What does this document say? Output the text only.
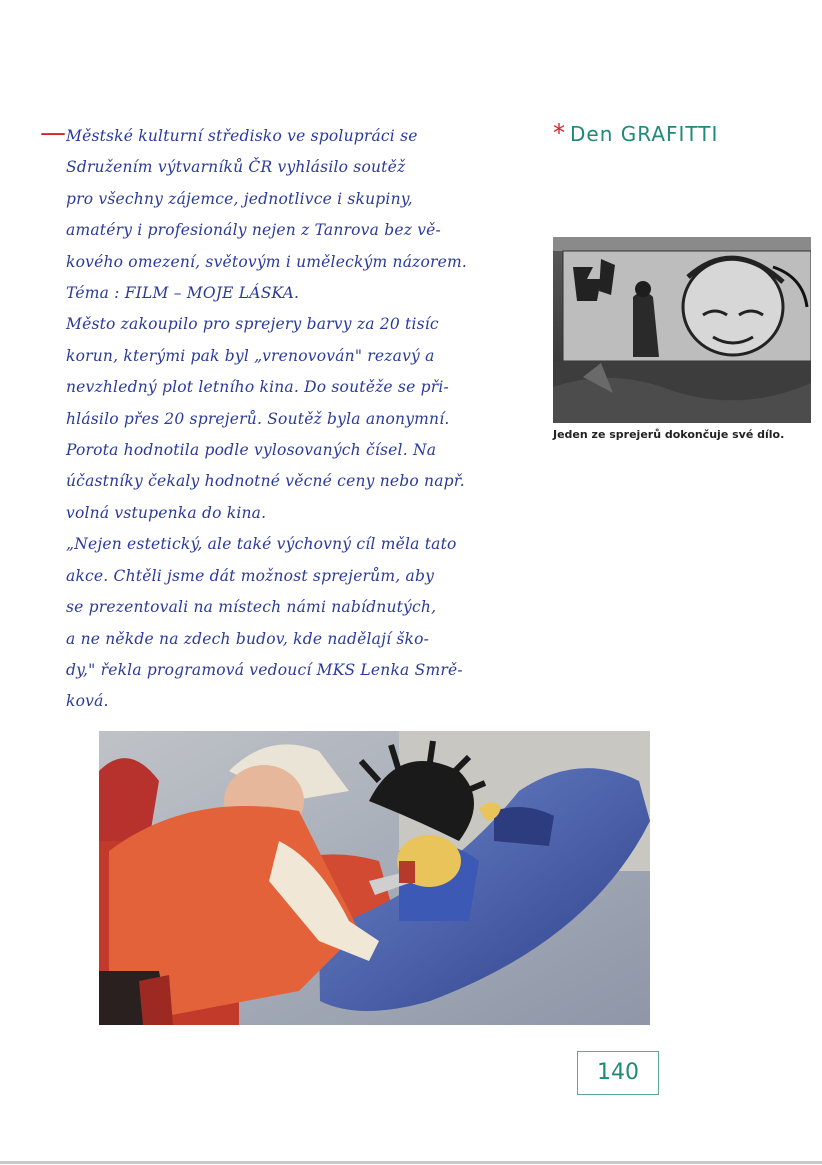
— Městské kulturní středisko ve spolupráci se
Sdružením výtvarníků ČR vyhlásilo soutěž
pro všechny zájemce, jednotlivce i skupiny,
amatéry i profesionály nejen z Tanrova bez vě-
kového omezení, světovým i uměleckým názorem.
Téma : FILM – MOJE LÁSKA.
Město zakoupilo pro sprejery barvy za 20 tisíc
korun, kterými pak byl „vrenovován" rezavý a
nevzhledný plot letního kina. Do soutěže se při-
hlásilo přes 20 sprejerů. Soutěž byla anonymní.
Porota hodnotila podle vylosovaných čísel. Na
účastníky čekaly hodnotné věcné ceny nebo např.
volná vstupenka do kina.
„Nejen estetický, ale také výchovný cíl měla tato
akce. Chtěli jsme dát možnost sprejerům, aby
se prezentovali na místech námi nabídnutých,
a ne někde na zdech budov, kde nadělají ško-
dy," řekla programová vedoucí MKS Lenka Smrě-
ková.
* Den GRAFITTI
Jeden ze sprejerů dokončuje své dílo.
140
